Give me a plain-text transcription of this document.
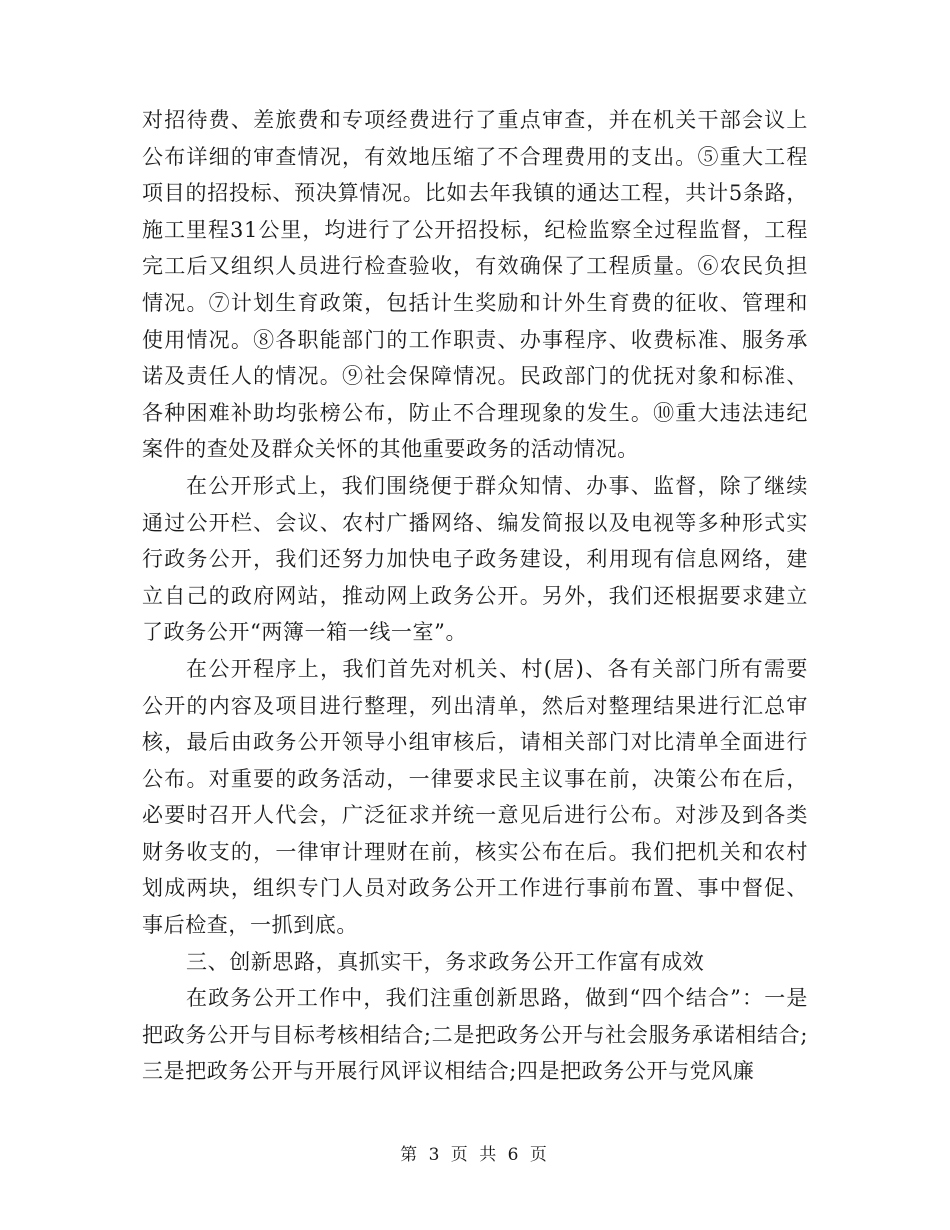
对招待费、差旅费和专项经费进行了重点审查，并在机关干部会议上公布详细的审查情况，有效地压缩了不合理费用的支出。⑤重大工程项目的招投标、预决算情况。比如去年我镇的通达工程，共计5条路，施工里程31公里，均进行了公开招投标，纪检监察全过程监督，工程完工后又组织人员进行检查验收，有效确保了工程质量。⑥农民负担情况。⑦计划生育政策，包括计生奖励和计外生育费的征收、管理和使用情况。⑧各职能部门的工作职责、办事程序、收费标准、服务承诺及责任人的情况。⑨社会保障情况。民政部门的优抚对象和标准、各种困难补助均张榜公布，防止不合理现象的发生。⑩重大违法违纪案件的查处及群众关怀的其他重要政务的活动情况。

在公开形式上，我们围绕便于群众知情、办事、监督，除了继续通过公开栏、会议、农村广播网络、编发简报以及电视等多种形式实行政务公开，我们还努力加快电子政务建设，利用现有信息网络，建立自己的政府网站，推动网上政务公开。另外，我们还根据要求建立了政务公开“两簿一箱一线一室”。

在公开程序上，我们首先对机关、村(居)、各有关部门所有需要公开的内容及项目进行整理，列出清单，然后对整理结果进行汇总审核，最后由政务公开领导小组审核后，请相关部门对比清单全面进行公布。对重要的政务活动，一律要求民主议事在前，决策公布在后，必要时召开人代会，广泛征求并统一意见后进行公布。对涉及到各类财务收支的，一律审计理财在前，核实公布在后。我们把机关和农村划成两块，组织专门人员对政务公开工作进行事前布置、事中督促、事后检查，一抓到底。

三、创新思路，真抓实干，务求政务公开工作富有成效

在政务公开工作中，我们注重创新思路，做到“四个结合”：一是把政务公开与目标考核相结合;二是把政务公开与社会服务承诺相结合;三是把政务公开与开展行风评议相结合;四是把政务公开与党风廉

第 3 页 共 6 页
